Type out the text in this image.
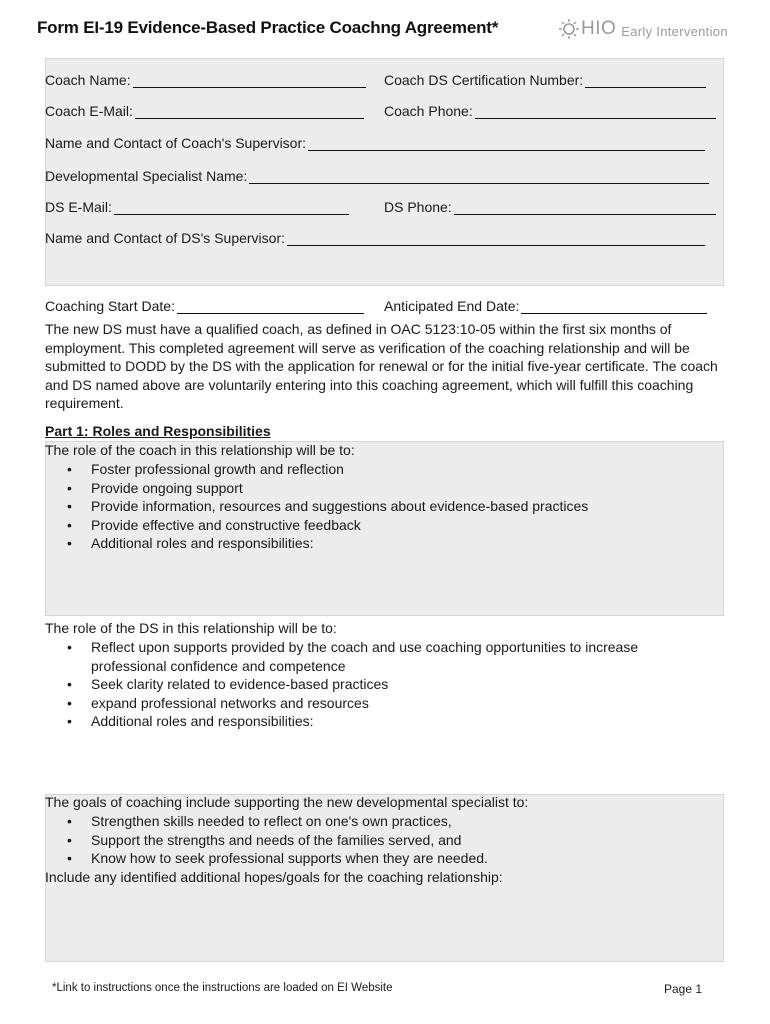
Form EI-19 Evidence-Based Practice Coachng Agreement*	HIO Early Intervention
Coach Name:	Coach DS Certification Number:
Coach E-Mail:	Coach Phone:
Name and Contact of Coach's Supervisor:
Developmental Specialist Name:
DS E-Mail:	DS Phone:
Name and Contact of DS's Supervisor:
Coaching Start Date:	Anticipated End Date:

The new DS must have a qualified coach, as defined in OAC 5123:10-05 within the first six months of employment. This completed agreement will serve as verification of the coaching relationship and will be submitted to DODD by the DS with the application for renewal or for the initial five-year certificate. The coach and DS named above are voluntarily entering into this coaching agreement, which will fulfill this coaching requirement.

Part 1: Roles and Responsibilities
The role of the coach in this relationship will be to:
• Foster professional growth and reflection
• Provide ongoing support
• Provide information, resources and suggestions about evidence-based practices
• Provide effective and constructive feedback
• Additional roles and responsibilities:
The role of the DS in this relationship will be to:
• Reflect upon supports provided by the coach and use coaching opportunities to increase professional confidence and competence
• Seek clarity related to evidence-based practices
• expand professional networks and resources
• Additional roles and responsibilities:
The goals of coaching include supporting the new developmental specialist to:
• Strengthen skills needed to reflect on one's own practices,
• Support the strengths and needs of the families served, and
• Know how to seek professional supports when they are needed.
Include any identified additional hopes/goals for the coaching relationship:
*Link to instructions once the instructions are loaded on EI Website	Page 1
